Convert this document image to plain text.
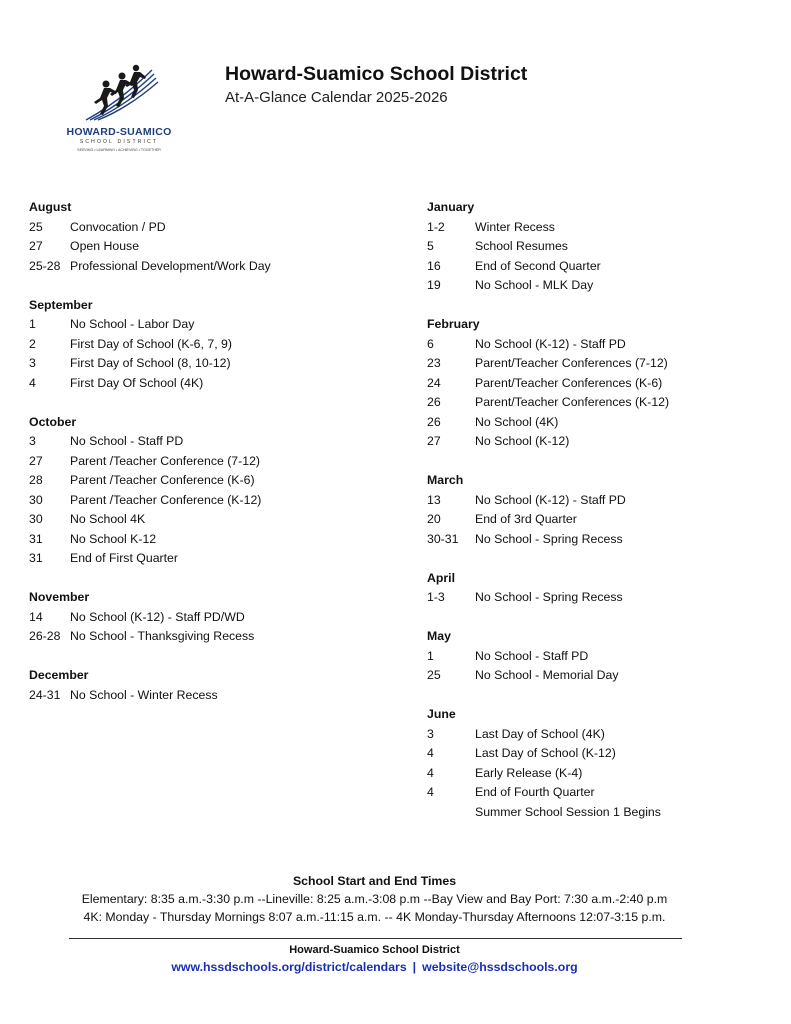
HOWARD-SUAMICO
SCHOOL DISTRICT
SERVING • LEARNING • ACHIEVING • TOGETHER
Howard-Suamico School District
At-A-Glance Calendar 2025-2026
August
25	Convocation / PD
27	Open House
25-28 Professional Development/Work Day
September
1	No School - Labor Day
2	First Day of School (K-6, 7, 9)
3	First Day of School (8, 10-12)
4	First Day Of School (4K)
October
3	No School - Staff PD
27	Parent /Teacher Conference (7-12)
28	Parent /Teacher Conference (K-6)
30	Parent /Teacher Conference (K-12)
30	No School 4K
31	No School K-12
31	End of First Quarter
November
14	No School (K-12) - Staff PD/WD
26-28 No School - Thanksgiving Recess
December
24-31 No School - Winter Recess
January
1-2	Winter Recess
5	School Resumes
16	End of Second Quarter
19	No School - MLK Day
February
6	No School (K-12) - Staff PD
23	Parent/Teacher Conferences (7-12)
24	Parent/Teacher Conferences (K-6)
26	Parent/Teacher Conferences (K-12)
26	No School (4K)
27	No School (K-12)
March
13	No School (K-12) - Staff PD
20	End of 3rd Quarter
30-31	No School - Spring Recess
April
1-3	No School - Spring Recess
May
1	No School - Staff PD
25	No School - Memorial Day
June
3	Last Day of School (4K)
4	Last Day of School (K-12)
4	Early Release (K-4)
4	End of Fourth Quarter
Summer School Session 1 Begins
School Start and End Times
Elementary: 8:35 a.m.-3:30 p.m --Lineville: 8:25 a.m.-3:08 p.m --Bay View and Bay Port: 7:30 a.m.-2:40 p.m
4K: Monday - Thursday Mornings 8:07 a.m.-11:15 a.m. -- 4K Monday-Thursday Afternoons 12:07-3:15 p.m.
Howard-Suamico School District
www.hssdschools.org/district/calendars | website@hssdschools.org
